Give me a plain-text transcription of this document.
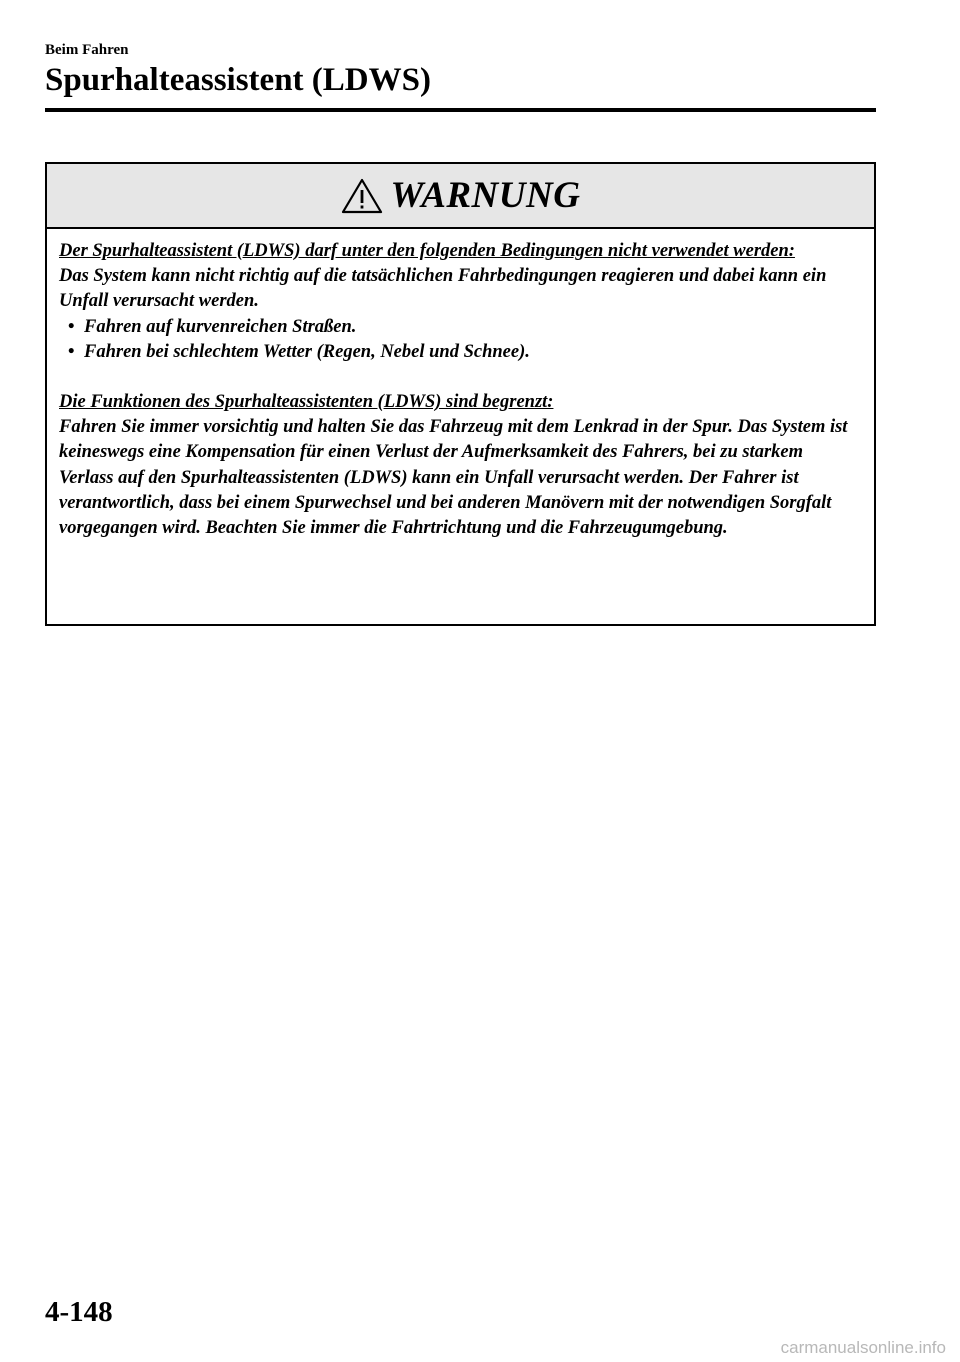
Beim Fahren
Spurhalteassistent (LDWS)
WARNUNG

Der Spurhalteassistent (LDWS) darf unter den folgenden Bedingungen nicht verwendet werden:

Das System kann nicht richtig auf die tatsächlichen Fahrbedingungen reagieren und dabei kann ein Unfall verursacht werden.

• Fahren auf kurvenreichen Straßen.
• Fahren bei schlechtem Wetter (Regen, Nebel und Schnee).

Die Funktionen des Spurhalteassistenten (LDWS) sind begrenzt:

Fahren Sie immer vorsichtig und halten Sie das Fahrzeug mit dem Lenkrad in der Spur. Das System ist keineswegs eine Kompensation für einen Verlust der Aufmerksamkeit des Fahrers, bei zu starkem Verlass auf den Spurhalteassistenten (LDWS) kann ein Unfall verursacht werden. Der Fahrer ist verantwortlich, dass bei einem Spurwechsel und bei anderen Manövern mit der notwendigen Sorgfalt vorgegangen wird. Beachten Sie immer die Fahrtrichtung und die Fahrzeugumgebung.

4-148
carmanualsonline.info
